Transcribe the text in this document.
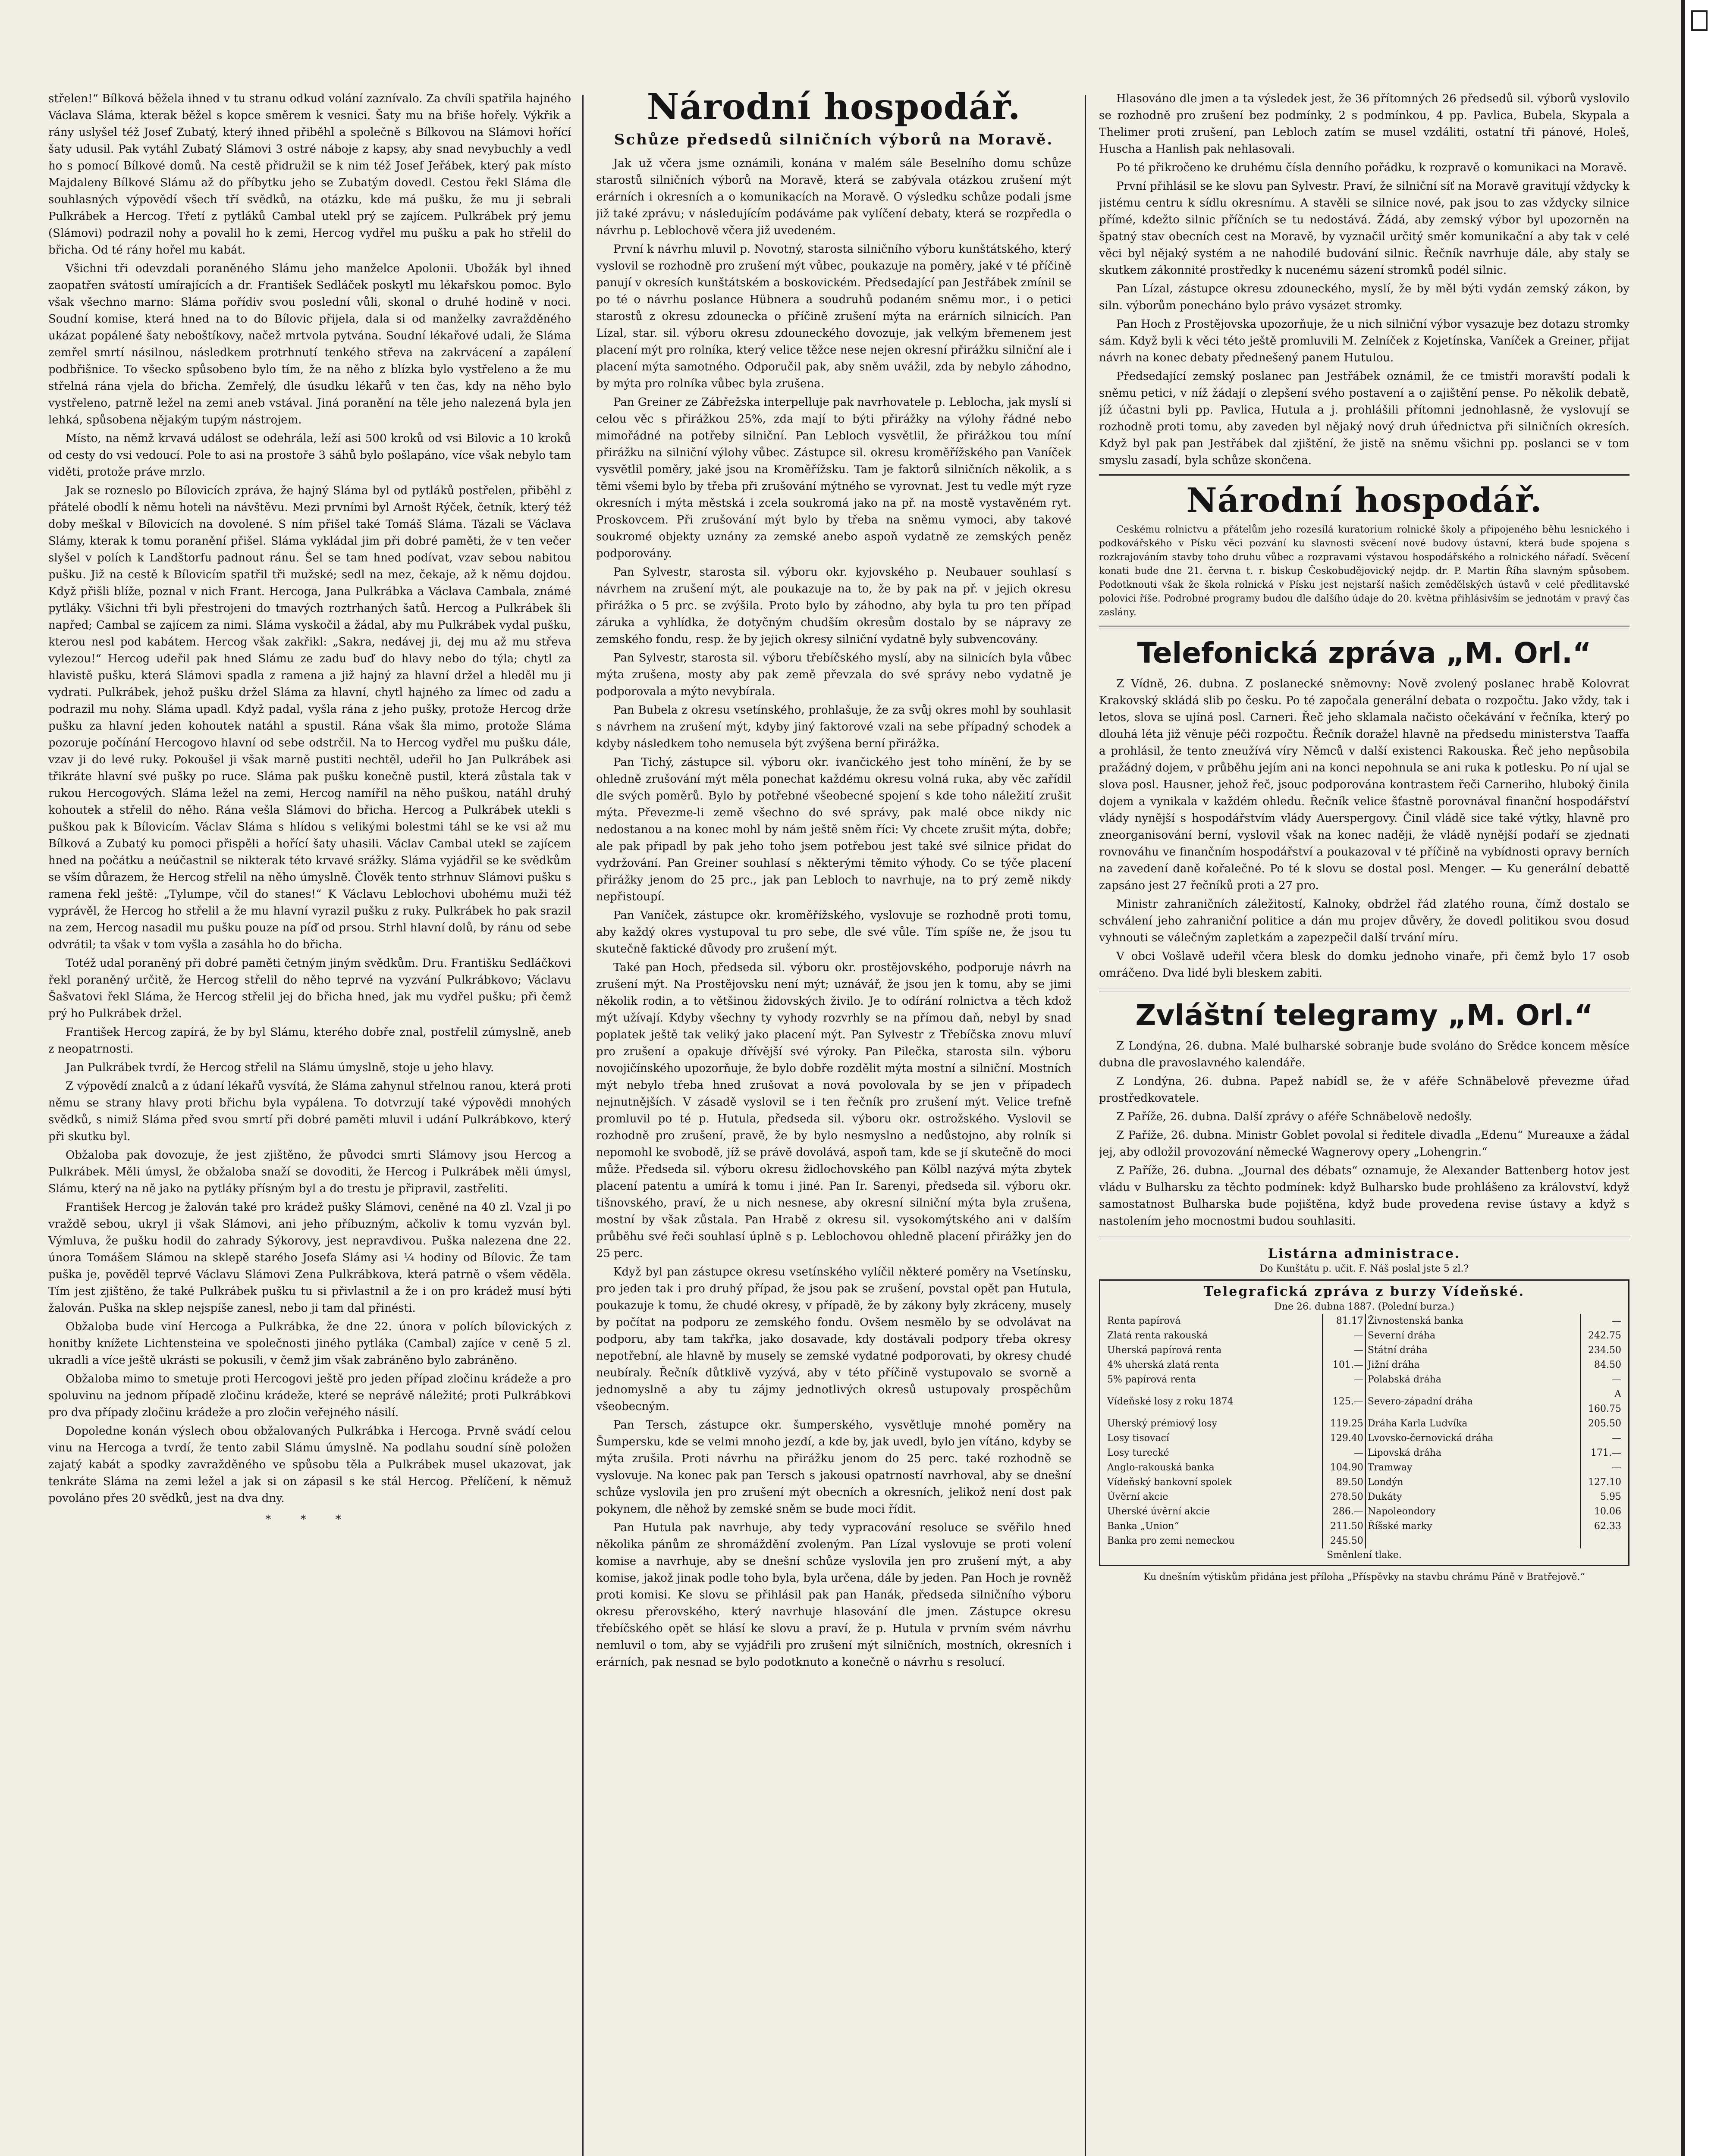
střelen!“ Bílková běžela ihned v tu stranu odkud volání zaznívalo. Za chvíli spatřila hajného Václava Sláma, kterak běžel s kopce směrem k vesnici. Šaty mu na břiše hořely. Výkřik a rány uslyšel též Josef Zubatý, který ihned přiběhl a společně s Bílkovou na Slámovi hořící šaty udusil. Pak vytáhl Zubatý Slámovi 3 ostré náboje z kapsy, aby snad nevybuchly a vedl ho s pomocí Bílkové domů. Na cestě přidružil se k nim též Josef Jeřábek, který pak místo Majdaleny Bílkové Slámu až do příbytku jeho se Zubatým dovedl. Cestou řekl Sláma dle souhlasných výpovědí všech tří svědků, na otázku, kde má pušku, že mu ji sebrali Pulkrábek a Hercog. Třetí z pytláků Cambal utekl prý se zajícem. Pulkrábek prý jemu (Slámovi) podrazil nohy a povalil ho k zemi, Hercog vydřel mu pušku a pak ho střelil do břicha. Od té rány hořel mu kabát.

Všichni tři odevzdali poraněného Slámu jeho manželce Apolonii. Ubožák byl ihned zaopatřen svátostí umírajících a dr. František Sedláček poskytl mu lékařskou pomoc. Bylo však všechno marno: Sláma pořídiv svou poslední vůli, skonal o druhé hodině v noci. Soudní komise, která hned na to do Bílovic přijela, dala si od manželky zavražděného ukázat popálené šaty neboštíkovy, načež mrtvola pytvána. Soudní lékařové udali, že Sláma zemřel smrtí násilnou, následkem protrhnutí tenkého střeva na zakrvácení a zapálení podbřišnice. To všecko spůsobeno bylo tím, že na něho z blízka bylo vystřeleno a že mu střelná rána vjela do břicha. Zemřelý, dle úsudku lékařů v ten čas, kdy na něho bylo vystřeleno, patrně ležel na zemi aneb vstával. Jiná poranění na těle jeho nalezená byla jen lehká, spůsobena nějakým tupým nástrojem.

Místo, na němž krvavá událost se odehrála, leží asi 500 kroků od vsi Bilovic a 10 kroků od cesty do vsi vedoucí. Pole to asi na prostoře 3 sáhů bylo pošlapáno, více však nebylo tam viděti, protože práve mrzlo.

Jak se rozneslo po Bílovicích zpráva, že hajný Sláma byl od pytláků postřelen, přiběhl z přátelé obodlí k němu hoteli na návštěvu. Mezi prvními byl Arnošt Rýček, četník, který též doby meškal v Bílovicích na dovolené. S ním přišel také Tomáš Sláma. Tázali se Václava Slámy, kterak k tomu poranění přišel. Sláma vykládal jim při dobré paměti, že v ten večer slyšel v polích k Landštorfu padnout ránu. Šel se tam hned podívat, vzav sebou nabitou pušku. Již na cestě k Bílovicím spatřil tři mužské; sedl na mez, čekaje, až k němu dojdou. Když přišli blíže, poznal v nich Frant. Hercoga, Jana Pulkrábka a Václava Cambala, známé pytláky. Všichni tři byli přestrojeni do tmavých roztrhaných šatů. Hercog a Pulkrábek šli napřed; Cambal se zajícem za nimi. Sláma vyskočil a žádal, aby mu Pulkrábek vydal pušku, kterou nesl pod kabátem. Hercog však zakřikl: „Sakra, nedávej ji, dej mu až mu střeva vylezou!“ Hercog udeřil pak hned Slámu ze zadu buď do hlavy nebo do týla; chytl za hlavistě pušku, která Slámovi spadla z ramena a již hajný za hlavní držel a hleděl mu ji vydrati. Pulkrábek, jehož pušku držel Sláma za hlavní, chytl hajného za límec od zadu a podrazil mu nohy. Sláma upadl. Když padal, vyšla rána z jeho pušky, protože Hercog drže pušku za hlavní jeden kohoutek natáhl a spustil. Rána však šla mimo, protože Sláma pozoruje počínání Hercogovo hlavní od sebe odstrčil. Na to Hercog vydřel mu pušku dále, vzav ji do levé ruky. Pokoušel ji však marně pustiti nechtěl, udeřil ho Jan Pulkrábek asi třikráte hlavní své pušky po ruce. Sláma pak pušku konečně pustil, která zůstala tak v rukou Hercogových. Sláma ležel na zemi, Hercog namířil na něho puškou, natáhl druhý kohoutek a střelil do něho. Rána vešla Slámovi do břicha. Hercog a Pulkrábek utekli s puškou pak k Bílovicím. Václav Sláma s hlídou s velikými bolestmi táhl se ke vsi až mu Bílková a Zubatý ku pomoci přispěli a hořící šaty uhasili. Václav Cambal utekl se zajícem hned na počátku a neúčastnil se nikterak této krvavé srážky. Sláma vyjádřil se ke svědkům se vším důrazem, že Hercog střelil na něho úmyslně. Člověk tento strhnuv Slámovi pušku s ramena řekl ještě: „Tylumpe, včil do stanes!“ K Václavu Leblochovi ubohému muži též vyprávěl, že Hercog ho střelil a že mu hlavní vyrazil pušku z ruky. Pulkrábek ho pak srazil na zem, Hercog nasadil mu pušku pouze na píď od prsou. Strhl hlavní dolů, by ránu od sebe odvrátil; ta však v tom vyšla a zasáhla ho do břicha.

Totéž udal poraněný při dobré paměti četným jiným svědkům. Dru. Františku Sedláčkovi řekl poraněný určitě, že Hercog střelil do něho teprvé na vyzvání Pulkrábkovo; Václavu Šašvatovi řekl Sláma, že Hercog střelil jej do břicha hned, jak mu vydřel pušku; při čemž prý ho Pulkrábek držel.

František Hercog zapírá, že by byl Slámu, kterého dobře znal, postřelil zúmyslně, aneb z neopatrnosti.

Jan Pulkrábek tvrdí, že Hercog střelil na Slámu úmyslně, stoje u jeho hlavy.

Z výpovědí znalců a z údaní lékařů vysvítá, že Sláma zahynul střelnou ranou, která proti němu se strany hlavy proti břichu byla vypálena. To dotvrzují také výpovědi mnohých svědků, s nimiž Sláma před svou smrtí při dobré paměti mluvil i udání Pulkrábkovo, který při skutku byl.

Obžaloba pak dovozuje, že jest zjištěno, že původci smrti Slámovy jsou Hercog a Pulkrábek. Měli úmysl, že obžaloba snaží se dovoditi, že Hercog i Pulkrábek měli úmysl, Slámu, který na ně jako na pytláky přísným byl a do trestu je připravil, zastřeliti.

František Hercog je žalován také pro krádež pušky Slámovi, ceněné na 40 zl. Vzal ji po vraždě sebou, ukryl ji však Slámovi, ani jeho příbuzným, ačkoliv k tomu vyzván byl. Výmluva, že pušku hodil do zahrady Sýkorovy, jest nepravdivou. Puška nalezena dne 22. února Tomášem Slámou na sklepě starého Josefa Slámy asi ¼ hodiny od Bílovic. Že tam puška je, pověděl teprvé Václavu Slámovi Zena Pulkrábkova, která patrně o všem věděla. Tím jest zjištěno, že také Pulkrábek pušku tu si přivlastnil a že i on pro krádež musí býti žalován. Puška na sklep nejspíše zanesl, nebo ji tam dal přinésti.

Obžaloba bude viní Hercoga a Pulkrábka, že dne 22. února v polích bílovických z honitby knížete Lichtensteina ve společnosti jiného pytláka (Cambal) zajíce v ceně 5 zl. ukradli a více ještě ukrásti se pokusili, v čemž jim však zabráněno bylo zabráněno.

Obžaloba mimo to smetuje proti Hercogovi ještě pro jeden případ zločinu krádeže a pro spoluvinu na jednom případě zločinu krádeže, které se neprávě náležité; proti Pulkrábkovi pro dva případy zločinu krádeže a pro zločin veřejného násilí.

Dopoledne konán výslech obou obžalovaných Pulkrábka i Hercoga. Prvně svádí celou vinu na Hercoga a tvrdí, že tento zabil Slámu úmyslně. Na podlahu soudní síně položen zajatý kabát a spodky zavražděného ve spůsobu těla a Pulkrábek musel ukazovat, jak tenkráte Sláma na zemi ležel a jak si on zápasil s ke stál Hercog. Přelíčení, k němuž povoláno přes 20 svědků, jest na dva dny.

* * *
Národní hospodář.
Schůze předsedů silničních výborů na Moravě.

Jak už včera jsme oznámili, konána v malém sále Beselního domu schůze starostů silničních výborů na Moravě, která se zabývala otázkou zrušení mýt erárních i okresních a o komunikacích na Moravě. O výsledku schůze podali jsme již také zprávu; v následujícím podáváme pak vylíčení debaty, která se rozpředla o návrhu p. Leblochově včera již uvedeném.

První k návrhu mluvil p. Novotný, starosta silničního výboru kunštátského, který vyslovil se rozhodně pro zrušení mýt vůbec, poukazuje na poměry, jaké v té příčině panují v okresích kunštátském a boskovickém. Předsedající pan Jestřábek zmínil se po té o návrhu poslance Hübnera a soudruhů podaném sněmu mor., i o petici starostů z okresu zdounecka o příčině zrušení mýta na erárních silnicích. Pan Lízal, star. sil. výboru okresu zdouneckého dovozuje, jak velkým břemenem jest placení mýt pro rolníka, který velice těžce nese nejen okresní přirážku silniční ale i placení mýta samotného. Odporučil pak, aby sněm uvážil, zda by nebylo záhodno, by mýta pro rolníka vůbec byla zrušena.

Pan Greiner ze Zábřežska interpelluje pak navrhovatele p. Leblocha, jak myslí si celou věc s přirážkou 25%, zda mají to býti přirážky na výlohy řádné nebo mimořádné na potřeby silniční. Pan Lebloch vysvětlil, že přirážkou tou míní přirážku na silniční výlohy vůbec. Zástupce sil. okresu kroměřížského pan Vaníček vysvětlil poměry, jaké jsou na Kroměřížsku. Tam je faktorů silničních několik, a s těmi všemi bylo by třeba při zrušování mýtného se vyrovnat. Jest tu vedle mýt ryze okresních i mýta městská i zcela soukromá jako na př. na mostě vystavěném ryt. Proskovcem. Při zrušování mýt bylo by třeba na sněmu vymoci, aby takové soukromé objekty uznány za zemské anebo aspoň vydatně ze zemských peněz podporovány.

Pan Sylvestr, starosta sil. výboru okr. kyjovského p. Neubauer souhlasí s návrhem na zrušení mýt, ale poukazuje na to, že by pak na př. v jejich okresu přirážka o 5 prc. se zvýšila. Proto bylo by záhodno, aby byla tu pro ten případ záruka a vyhlídka, že dotyčným chudším okresům dostalo by se nápravy ze zemského fondu, resp. že by jejich okresy silniční vydatně byly subvencovány.

Pan Sylvestr, starosta sil. výboru třebíčského myslí, aby na silnicích byla vůbec mýta zrušena, mosty aby pak země převzala do své správy nebo vydatně je podporovala a mýto nevybírala.

Pan Bubela z okresu vsetínského, prohlašuje, že za svůj okres mohl by souhlasit s návrhem na zrušení mýt, kdyby jiný faktorové vzali na sebe případný schodek a kdyby následkem toho nemusela být zvýšena berní přirážka.

Pan Tichý, zástupce sil. výboru okr. ivančického jest toho mínění, že by se ohledně zrušování mýt měla ponechat každému okresu volná ruka, aby věc zařídil dle svých poměrů. Bylo by potřebné všeobecné spojení s kde toho náležití zrušit mýta. Převezme-li země všechno do své správy, pak malé obce nikdy nic nedostanou a na konec mohl by nám ještě sněm říci: Vy chcete zrušit mýta, dobře; ale pak připadl by pak jeho toho jsem potřebou jest také své silnice přidat do vydržování. Pan Greiner souhlasí s některými těmito výhody. Co se týče placení přirážky jenom do 25 prc., jak pan Lebloch to navrhuje, na to prý země nikdy nepřistoupí.

Pan Vaníček, zástupce okr. kroměřížského, vyslovuje se rozhodně proti tomu, aby každý okres vystupoval tu pro sebe, dle své vůle. Tím spíše ne, že jsou tu skutečně faktické důvody pro zrušení mýt.

Také pan Hoch, předseda sil. výboru okr. prostějovského, podporuje návrh na zrušení mýt. Na Prostějovsku není mýt; uznávář, že jsou jen k tomu, aby se jimi několik rodin, a to většinou židovských živilo. Je to odírání rolnictva a těch kdož mýt užívají. Kdyby všechny ty vyhody rozvrhly se na přímou daň, nebyl by snad poplatek ještě tak veliký jako placení mýt. Pan Sylvestr z Třebíčska znovu mluví pro zrušení a opakuje dřívější své výroky. Pan Pilečka, starosta siln. výboru novojičínského upozorňuje, že bylo dobře rozdělit mýta mostní a silniční. Mostních mýt nebylo třeba hned zrušovat a nová povolovala by se jen v případech nejnutnějších. V zásadě vyslovil se i ten řečník pro zrušení mýt. Velice trefně promluvil po té p. Hutula, předseda sil. výboru okr. ostrožského. Vyslovil se rozhodně pro zrušení, pravě, že by bylo nesmyslno a nedůstojno, aby rolník si nepomohl ke svobodě, jíž se právě dovolává, aspoň tam, kde se jí skutečně do moci může. Předseda sil. výboru okresu židlochovského pan Kölbl nazývá mýta zbytek placení patentu a umírá k tomu i jiné. Pan Ir. Sarenyi, předseda sil. výboru okr. tišnovského, praví, že u nich nesnese, aby okresní silniční mýta byla zrušena, mostní by však zůstala. Pan Hrabě z okresu sil. vysokomýtského ani v dalším průběhu své řeči souhlasí úplně s p. Leblochovou ohledně placení přirážky jen do 25 perc.

Když byl pan zástupce okresu vsetínského vylíčil některé poměry na Vsetínsku, pro jeden tak i pro druhý případ, že jsou pak se zrušení, povstal opět pan Hutula, poukazuje k tomu, že chudé okresy, v případě, že by zákony byly zkráceny, musely by počítat na podporu ze zemského fondu. Ovšem nesmělo by se odvolávat na podporu, aby tam takřka, jako dosavade, kdy dostávali podpory třeba okresy nepotřební, ale hlavně by musely se zemské vydatné podporovati, by okresy chudé neubíraly. Řečník důtklivě vyzývá, aby v této příčině vystupovalo se svorně a jednomyslně a aby tu zájmy jednotlivých okresů ustupovaly prospěchům všeobecným.

Pan Tersch, zástupce okr. šumperského, vysvětluje mnohé poměry na Šumpersku, kde se velmi mnoho jezdí, a kde by, jak uvedl, bylo jen vítáno, kdyby se mýta zrušila. Proti návrhu na přirážku jenom do 25 perc. také rozhodně se vyslovuje. Na konec pak pan Tersch s jakousi opatrností navrhoval, aby se dnešní schůze vyslovila jen pro zrušení mýt obecních a okresních, jelikož není dost pak pokynem, dle něhož by zemské sněm se bude moci řídit.

Pan Hutula pak navrhuje, aby tedy vypracování resoluce se svěřilo hned několika pánům ze shromáždění zvoleným. Pan Lízal vyslovuje se proti volení komise a navrhuje, aby se dnešní schůze vyslovila jen pro zrušení mýt, a aby komise, jakož jinak podle toho byla, byla určena, dále by jeden. Pan Hoch je rovněž proti komisi. Ke slovu se přihlásil pak pan Hanák, předseda silničního výboru okresu přerovského, který navrhuje hlasování dle jmen. Zástupce okresu třebíčského opět se hlásí ke slovu a praví, že p. Hutula v prvním svém návrhu nemluvil o tom, aby se vyjádřili pro zrušení mýt silničních, mostních, okresních i erárních, pak nesnad se bylo podotknuto a konečně o návrhu s resolucí.

Hlasováno dle jmen a ta výsledek jest, že 36 přítomných 26 předsedů sil. výborů vyslovilo se rozhodně pro zrušení bez podmínky, 2 s podmínkou, 4 pp. Pavlica, Bubela, Skypala a Thelimer proti zrušení, pan Lebloch zatím se musel vzdáliti, ostatní tři pánové, Holeš, Huscha a Hanlish pak nehlasovali.

Po té přikročeno ke druhému čísla denního pořádku, k rozpravě o komunikaci na Moravě.

První přihlásil se ke slovu pan Sylvestr. Praví, že silniční síť na Moravě gravitují vždycky k jistému centru k sídlu okresnímu. A stavěli se silnice nové, pak jsou to zas vždycky silnice přímé, kdežto silnic příčních se tu nedostává. Žádá, aby zemský výbor byl upozorněn na špatný stav obecních cest na Moravě, by vyznačil určitý směr komunikační a aby tak v celé věci byl nějaký systém a ne nahodilé budování silnic. Řečník navrhuje dále, aby staly se skutkem zákonnité prostředky k nucenému sázení stromků podél silnic.

Pan Lízal, zástupce okresu zdouneckého, myslí, že by měl býti vydán zemský zákon, by siln. výborům ponecháno bylo právo vysázet stromky.

Pan Hoch z Prostějovska upozorňuje, že u nich silniční výbor vysazuje bez dotazu stromky sám. Když byli k věci této ještě promluvili M. Zelníček z Kojetínska, Vaníček a Greiner, přijat návrh na konec debaty přednešený panem Hutulou.

Předsedající zemský poslanec pan Jestřábek oznámil, že ce tmistři moravští podali k sněmu petici, v níž žádají o zlepšení svého postavení a o zajištění pense. Po několik debatě, jíž účastni byli pp. Pavlica, Hutula a j. prohlášili přítomni jednohlasně, že vyslovují se rozhodně proti tomu, aby zaveden byl nějaký nový druh úřednictva při silničních okresích. Když byl pak pan Jestřábek dal zjištění, že jistě na sněmu všichni pp. poslanci se v tom smyslu zasadí, byla schůze skončena.

Národní hospodář.

Ceskému rolnictvu a přátelům jeho rozesílá kuratorium rolnické školy a připojeného běhu lesnického i podkovářského v Písku věci pozvání ku slavnosti svěcení nové budovy ústavní, která bude spojena s rozkrajováním stavby toho druhu vůbec a rozpravami výstavou hospodářského a rolnického nářadí. Svěcení konati bude dne 21. června t. r. biskup Českobudějovický nejdp. dr. P. Martin Říha slavným spůsobem. Podotknouti však že škola rolnická v Písku jest nejstarší našich zemědělských ústavů v celé předlitavské polovici říše. Podrobné programy budou dle dalšího údaje do 20. května přihlásivším se jednotám v pravý čas zaslány.

Telefonická zpráva „M. Orl.“

Z Vídně, 26. dubna. Z poslanecké sněmovny: Nově zvolený poslanec hrabě Kolovrat Krakovský skládá slib po česku. Po té započala generální debata o rozpočtu. Jako vždy, tak i letos, slova se ujíná posl. Carneri. Řeč jeho sklamala načisto očekávání v řečníka, který po dlouhá léta již věnuje péči rozpočtu. Řečník doražel hlavně na předsedu ministerstva Taaffa a prohlásil, že tento zneužívá víry Němců v další existenci Rakouska. Řeč jeho nepůsobila pražádný dojem, v průběhu jejím ani na konci nepohnula se ani ruka k potlesku. Po ní ujal se slova posl. Hausner, jehož řeč, jsouc podporována kontrastem řeči Carneriho, hluboký činila dojem a vynikala v každém ohledu. Řečník velice šťastně porovnával finanční hospodářství vlády nynější s hospodářstvím vlády Auerspergovy. Činil vládě sice také výtky, hlavně pro zneorganisování berní, vyslovil však na konec naději, že vládě nynější podaří se zjednati rovnováhu ve finančním hospodářství a poukazoval v té příčině na vybídnosti opravy berních na zavedení daně kořalečné. Po té k slovu se dostal posl. Menger. — Ku generální debattě zapsáno jest 27 řečníků proti a 27 pro.

Ministr zahraničních záležitostí, Kalnoky, obdržel řád zlatého rouna, čímž dostalo se schválení jeho zahraniční politice a dán mu projev důvěry, že dovedl politikou svou dosud vyhnouti se válečným zapletkám a zapezpečil další trvání míru.

V obci Vošlavě udeřil včera blesk do domku jednoho vinaře, při čemž bylo 17 osob omráčeno. Dva lidé byli bleskem zabiti.

Zvláštní telegramy „M. Orl.“

Z Londýna, 26. dubna. Malé bulharské sobranje bude svoláno do Srědce koncem měsíce dubna dle pravoslavného kalendáře.

Z Londýna, 26. dubna. Papež nabídl se, že v aféře Schnäbelově převezme úřad prostředkovatele.

Z Paříže, 26. dubna. Další zprávy o aféře Schnäbelově nedošly.

Z Paříže, 26. dubna. Ministr Goblet povolal si ředitele divadla „Edenu“ Mureauxe a žádal jej, aby odložil provozování německé Wagnerovy opery „Lohengrin.“

Z Paříže, 26. dubna. „Journal des débats“ oznamuje, že Alexander Battenberg hotov jest vládu v Bulharsku za těchto podmínek: když Bulharsko bude prohlášeno za království, když samostatnost Bulharska bude pojištěna, když bude provedena revise ústavy a když s nastolením jeho mocnostmi budou souhlasiti.

Listárna administrace.

Do Kunštátu p. učit. F. Náš poslal jste 5 zl.?

Telegrafická zpráva z burzy Vídeňské.
Dne 26. dubna 1887. (Polední burza.)
Renta papírová	81.17	Živnostenská banka	—
Zlatá renta rakouská	—	Severní dráha	242.75
Uherská papírová renta	—	Státní dráha	234.50
4% uherská zlatá renta	101.—	Jižní dráha	84.50
5% papírová renta	—	Polabská dráha	—
Vídeňské losy z roku 1874	125.—	Severo-západní dráha	A 160.75
Uherský prémiový losy	119.25	Dráha Karla Ludvíka	205.50
Losy tisovací	129.40	Lvovsko-černovická dráha	—
Losy turecké	—	Lipovská dráha	171.—
Anglo-rakouská banka	104.90	Tramway	—
Vídeňský bankovní spolek	89.50	Londýn	127.10
Úvěrní akcie	278.50	Dukáty	5.95
Uherské úvěrní akcie	286.—	Napoleondory	10.06
Banka „Union“	211.50	Říšské marky	62.33
Banka pro zemi nemeckou	245.50		
Směnlení tlake.
Ku dnešním výtiskům přidána jest příloha „Příspěvky na stavbu chrámu Páně v Bratřejově.“
